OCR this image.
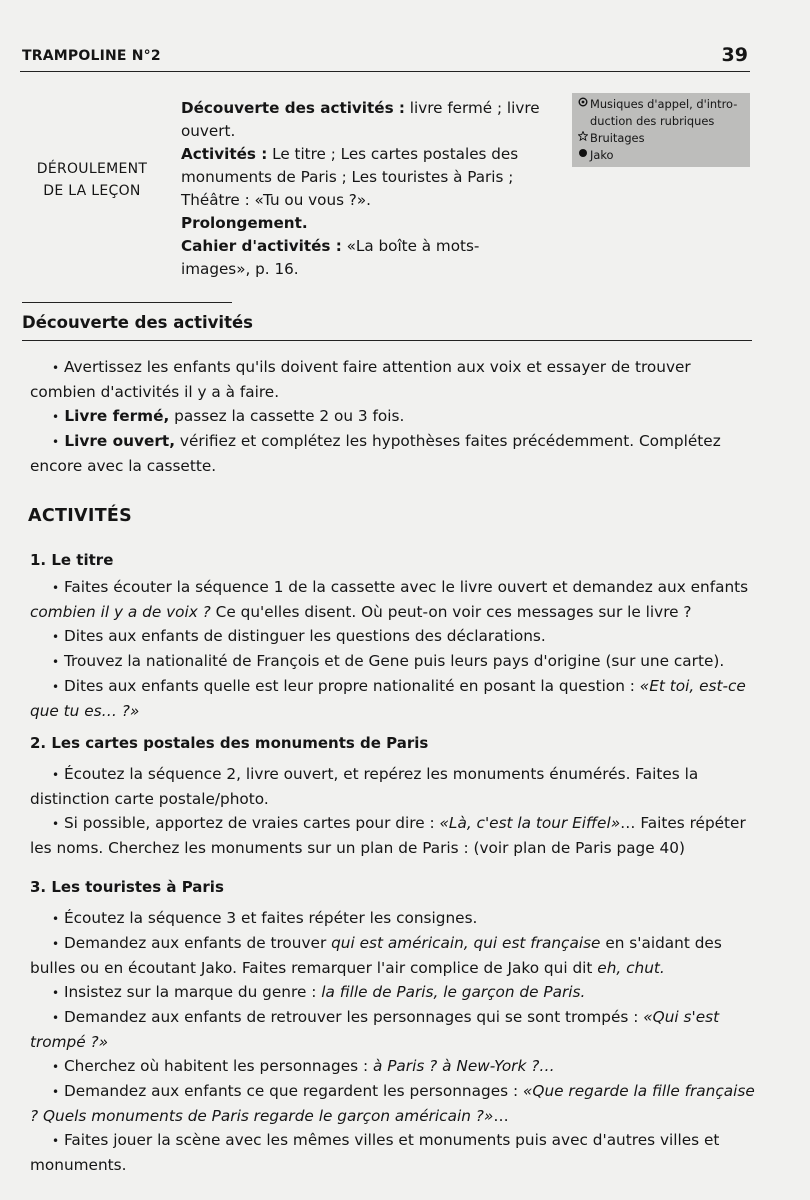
TRAMPOLINE N°2	39
DÉROULEMENT
DE LA LEÇON

Découverte des activités : livre fermé ; livre ouvert.

Activités : Le titre ; Les cartes postales des monuments de Paris ; Les touristes à Paris ; Théâtre : «Tu ou vous ?».

Prolongement.

Cahier d'activités : «La boîte à mots-images», p. 16.

Musiques d'appel, d'intro-
duction des rubriques
Bruitages
Jako
Découverte des activités

• Avertissez les enfants qu'ils doivent faire attention aux voix et essayer de trouver combien d'activités il y a à faire.

• Livre fermé, passez la cassette 2 ou 3 fois.

• Livre ouvert, vérifiez et complétez les hypothèses faites précédemment. Complétez encore avec la cassette.

ACTIVITÉS
1. Le titre

• Faites écouter la séquence 1 de la cassette avec le livre ouvert et demandez aux enfants combien il y a de voix ? Ce qu'elles disent. Où peut-on voir ces messages sur le livre ?

• Dites aux enfants de distinguer les questions des déclarations.

• Trouvez la nationalité de François et de Gene puis leurs pays d'origine (sur une carte).

• Dites aux enfants quelle est leur propre nationalité en posant la question : «Et toi, est-ce que tu es… ?»

2. Les cartes postales des monuments de Paris

• Écoutez la séquence 2, livre ouvert, et repérez les monuments énumérés. Faites la distinction carte postale/photo.

• Si possible, apportez de vraies cartes pour dire : «Là, c'est la tour Eiffel»… Faites répéter les noms. Cherchez les monuments sur un plan de Paris : (voir plan de Paris page 40)

3. Les touristes à Paris

• Écoutez la séquence 3 et faites répéter les consignes.

• Demandez aux enfants de trouver qui est américain, qui est française en s'aidant des bulles ou en écoutant Jako. Faites remarquer l'air complice de Jako qui dit eh, chut.

• Insistez sur la marque du genre : la fille de Paris, le garçon de Paris.

• Demandez aux enfants de retrouver les personnages qui se sont trompés : «Qui s'est trompé ?»

• Cherchez où habitent les personnages : à Paris ? à New-York ?…

• Demandez aux enfants ce que regardent les personnages : «Que regarde la fille française ? Quels monuments de Paris regarde le garçon américain ?»…

• Faites jouer la scène avec les mêmes villes et monuments puis avec d'autres villes et monuments.
